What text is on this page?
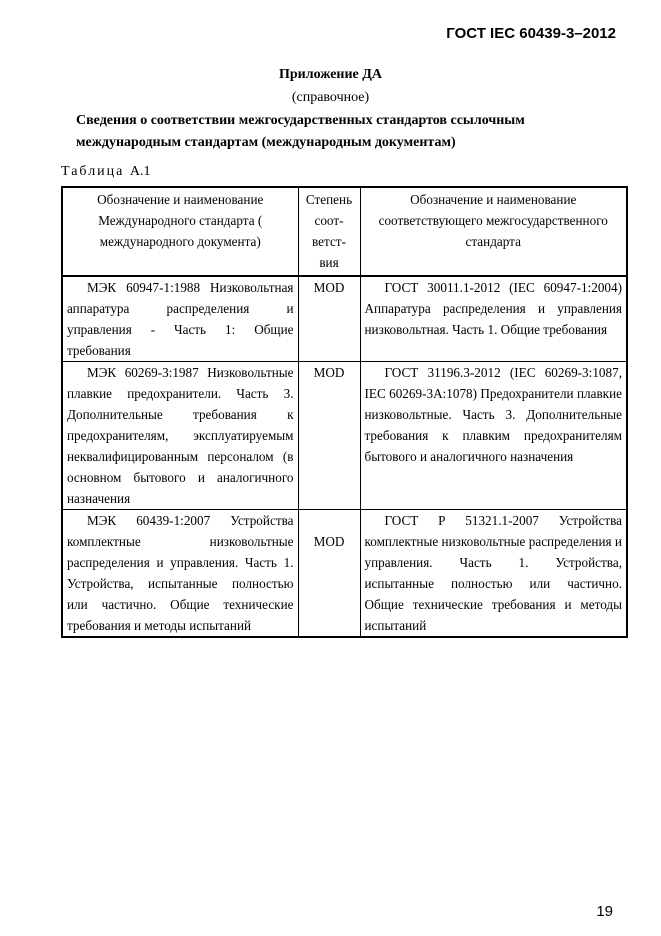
ГОСТ IEC 60439-3–2012
Приложение ДА
(справочное)
Сведения о соответствии межгосударственных стандартов ссылочным международным стандартам (международным документам)
Таблица А.1
Обозначение и наименование Международного стандарта ( международного документа)	Степень соот-ветст-вия	Обозначение и наименование соответствующего межгосударственного стандарта
МЭК 60947-1:1988 Низковольтная аппаратура распределения и управления - Часть 1: Общие требования	MOD	ГОСТ 30011.1-2012 (IEC 60947-1:2004) Аппаратура распределения и управления низковольтная. Часть 1. Общие требования
МЭК 60269-3:1987 Низковольтные плавкие предохранители. Часть 3. Дополнительные требования к предохранителям, эксплуатируемым неквалифицированным персоналом (в основном бытового и аналогичного назначения	MOD	ГОСТ 31196.3-2012 (IEC 60269-3:1087, IEC 60269-3A:1078) Предохранители плавкие низковольтные. Часть 3. Дополнительные требования к плавким предохранителям бытового и аналогичного назначения
МЭК 60439-1:2007 Устройства комплектные низковольтные распределения и управления. Часть 1. Устройства, испытанные полностью или частично. Общие технические требования и методы испытаний	MOD	ГОСТ Р 51321.1-2007 Устройства комплектные низковольтные распределения и управления. Часть 1. Устройства, испытанные полностью или частично. Общие технические требования и методы испытаний
19
